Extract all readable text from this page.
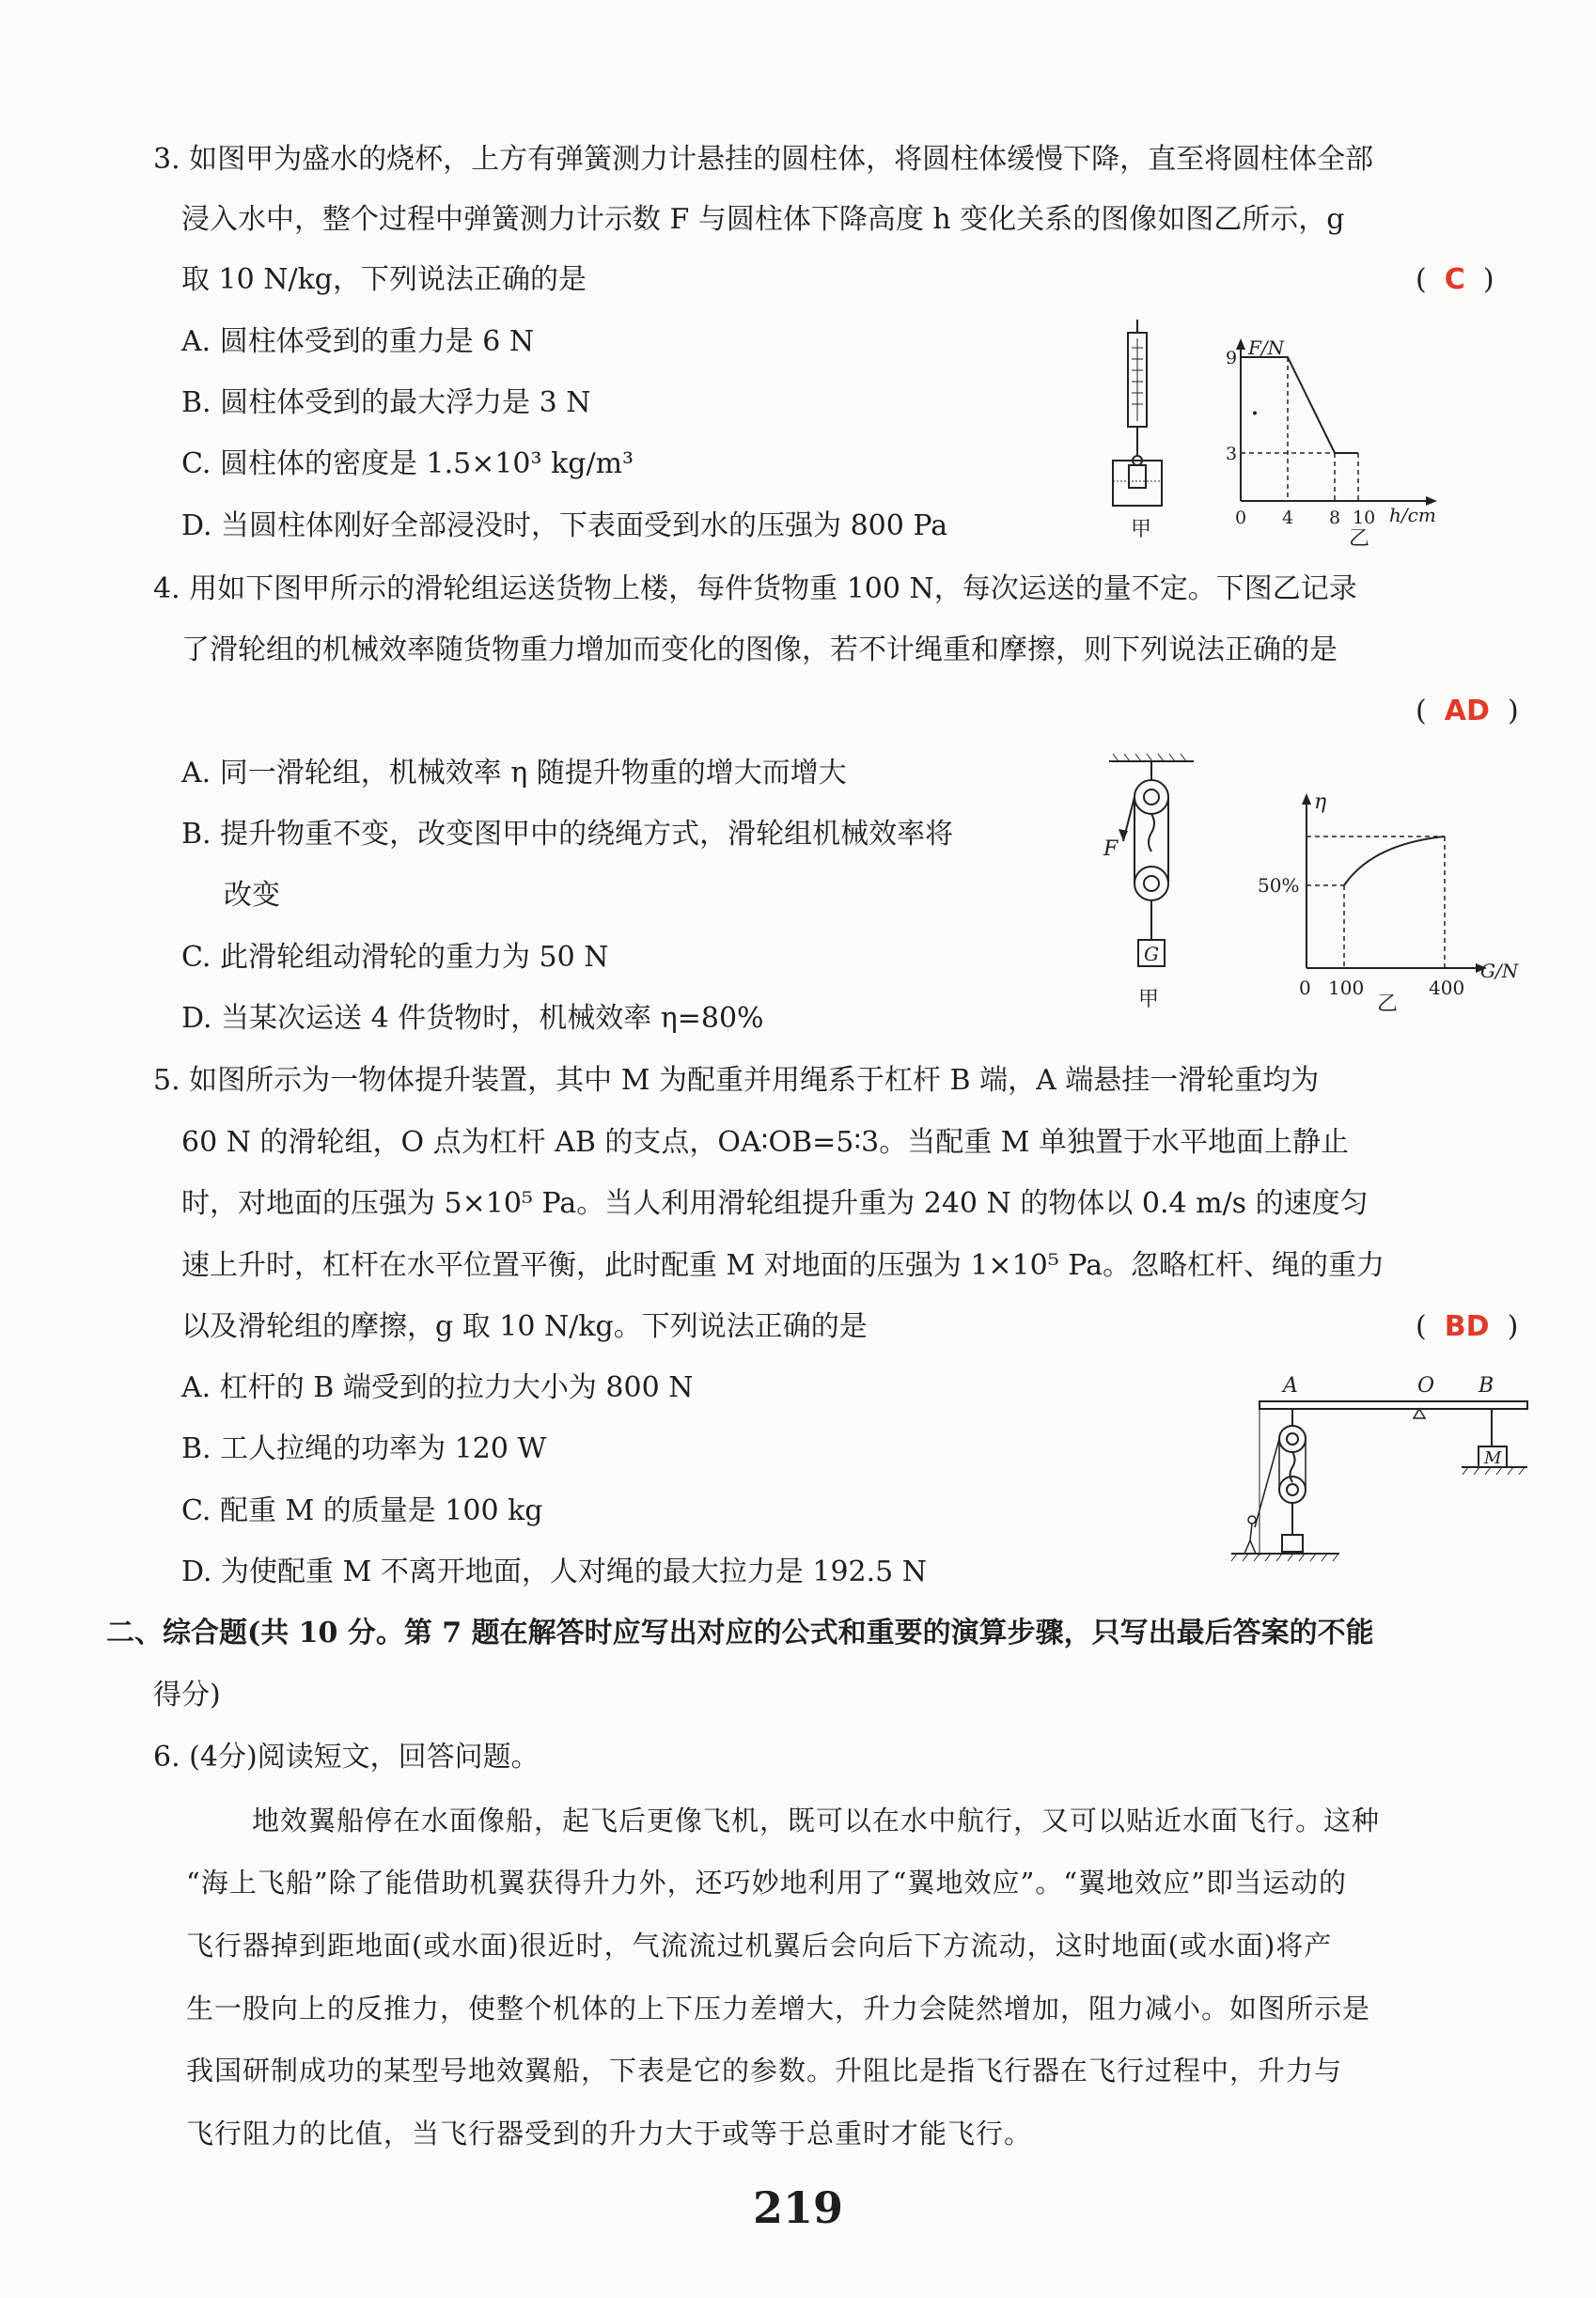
3. 如图甲为盛水的烧杯，上方有弹簧测力计悬挂的圆柱体，将圆柱体缓慢下降，直至将圆柱体全部
浸入水中，整个过程中弹簧测力计示数 F 与圆柱体下降高度 h 变化关系的图像如图乙所示，g
取 10 N/kg，下列说法正确的是	(  C  )
A. 圆柱体受到的重力是 6 N
B. 圆柱体受到的最大浮力是 3 N
C. 圆柱体的密度是 1.5×10³ kg/m³
D. 当圆柱体刚好全部浸没时，下表面受到水的压强为 800 Pa	甲
F/N
h/cm
9
3
0 4 8 10
乙
4. 用如下图甲所示的滑轮组运送货物上楼，每件货物重 100 N，每次运送的量不定。下图乙记录
了滑轮组的机械效率随货物重力增加而变化的图像，若不计绳重和摩擦，则下列说法正确的是
(  AD  )
A. 同一滑轮组，机械效率 η 随提升物重的增大而增大
B. 提升物重不变，改变图甲中的绕绳方式，滑轮组机械效率将
改变
C. 此滑轮组动滑轮的重力为 50 N
D. 当某次运送 4 件货物时，机械效率 η=80%
F
G
甲
η
G/N
50%
0 100	400
乙
5. 如图所示为一物体提升装置，其中 M 为配重并用绳系于杠杆 B 端，A 端悬挂一滑轮重均为
60 N 的滑轮组，O 点为杠杆 AB 的支点，OA∶OB=5∶3。当配重 M 单独置于水平地面上静止
时，对地面的压强为 5×10⁵ Pa。当人利用滑轮组提升重为 240 N 的物体以 0.4 m/s 的速度匀
速上升时，杠杆在水平位置平衡，此时配重 M 对地面的压强为 1×10⁵ Pa。忽略杠杆、绳的重力
以及滑轮组的摩擦，g 取 10 N/kg。下列说法正确的是	(  BD  )
A. 杠杆的 B 端受到的拉力大小为 800 N
B. 工人拉绳的功率为 120 W
C. 配重 M 的质量是 100 kg
D. 为使配重 M 不离开地面，人对绳的最大拉力是 192.5 N
A	O B
M
二、综合题(共 10 分。第 7 题在解答时应写出对应的公式和重要的演算步骤，只写出最后答案的不能
得分)
6. (4分)阅读短文，回答问题。
地效翼船停在水面像船，起飞后更像飞机，既可以在水中航行，又可以贴近水面飞行。这种
“海上飞船”除了能借助机翼获得升力外，还巧妙地利用了“翼地效应”。“翼地效应”即当运动的
飞行器掉到距地面(或水面)很近时，气流流过机翼后会向后下方流动，这时地面(或水面)将产
生一股向上的反推力，使整个机体的上下压力差增大，升力会陡然增加，阻力减小。如图所示是
我国研制成功的某型号地效翼船，下表是它的参数。升阻比是指飞行器在飞行过程中，升力与
飞行阻力的比值，当飞行器受到的升力大于或等于总重时才能飞行。
219
